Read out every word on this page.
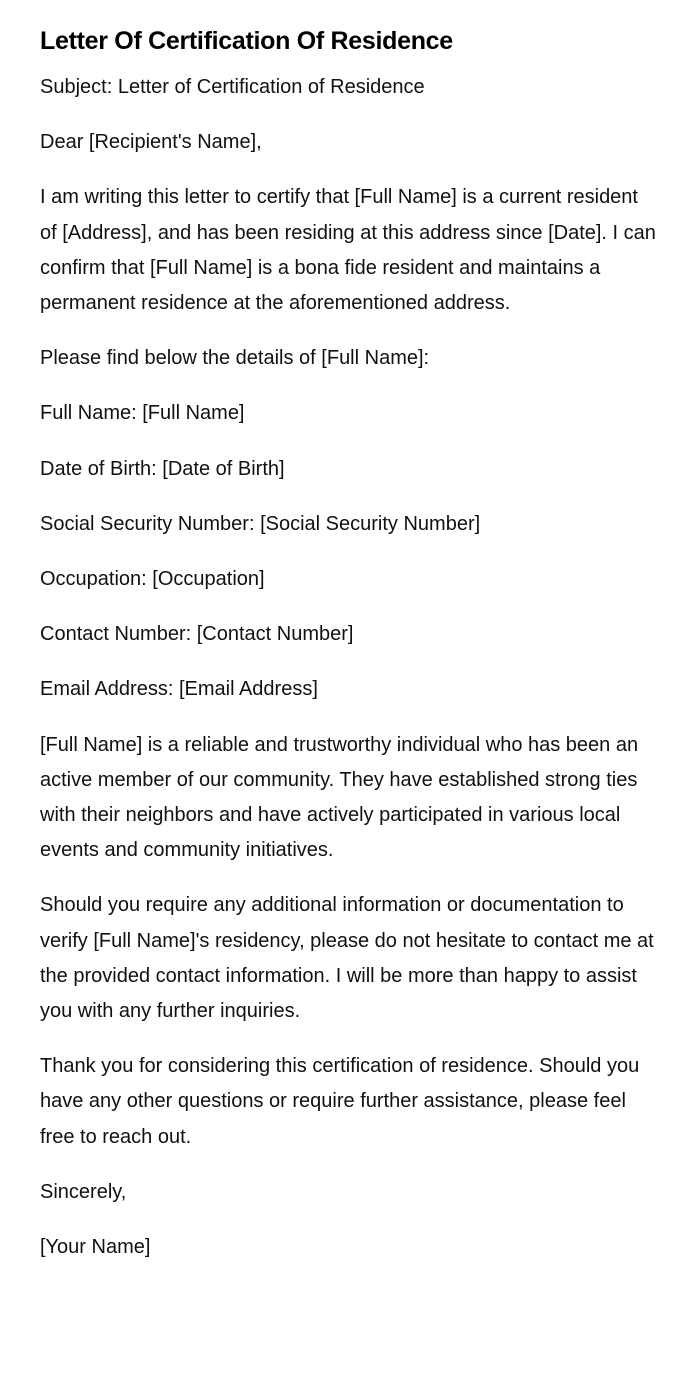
Letter Of Certification Of Residence

Subject: Letter of Certification of Residence

Dear [Recipient's Name],

I am writing this letter to certify that [Full Name] is a current resident of [Address], and has been residing at this address since [Date]. I can confirm that [Full Name] is a bona fide resident and maintains a permanent residence at the aforementioned address.

Please find below the details of [Full Name]:

Full Name: [Full Name]

Date of Birth: [Date of Birth]

Social Security Number: [Social Security Number]

Occupation: [Occupation]

Contact Number: [Contact Number]

Email Address: [Email Address]

[Full Name] is a reliable and trustworthy individual who has been an active member of our community. They have established strong ties with their neighbors and have actively participated in various local events and community initiatives.

Should you require any additional information or documentation to verify [Full Name]'s residency, please do not hesitate to contact me at the provided contact information. I will be more than happy to assist you with any further inquiries.

Thank you for considering this certification of residence. Should you have any other questions or require further assistance, please feel free to reach out.

Sincerely,

[Your Name]
